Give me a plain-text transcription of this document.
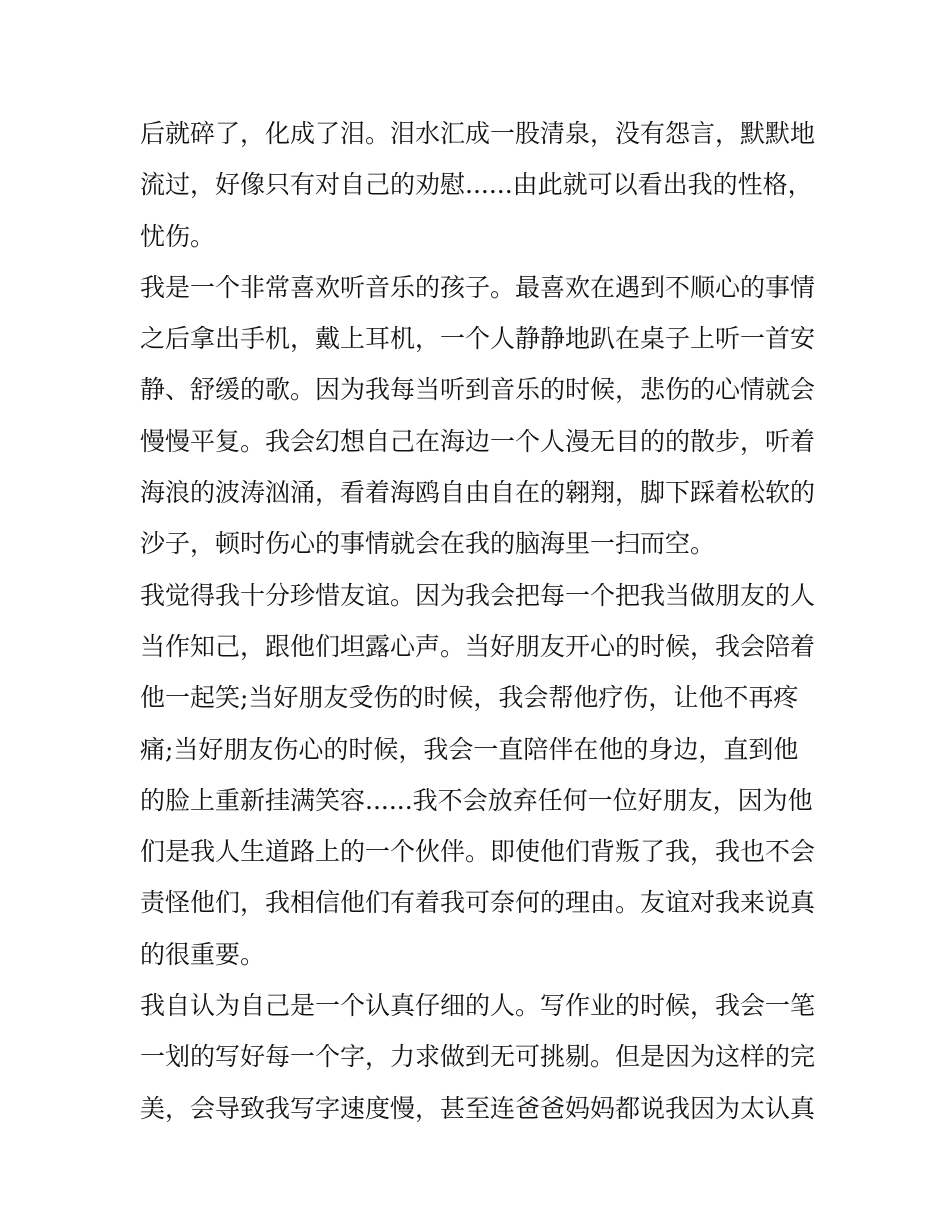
后就碎了，化成了泪。泪水汇成一股清泉，没有怨言，默默地
流过，好像只有对自己的劝慰......由此就可以看出我的性格，
忧伤。
我是一个非常喜欢听音乐的孩子。最喜欢在遇到不顺心的事情
之后拿出手机，戴上耳机，一个人静静地趴在桌子上听一首安
静、舒缓的歌。因为我每当听到音乐的时候，悲伤的心情就会
慢慢平复。我会幻想自己在海边一个人漫无目的的散步，听着
海浪的波涛汹涌，看着海鸥自由自在的翱翔，脚下踩着松软的
沙子，顿时伤心的事情就会在我的脑海里一扫而空。
我觉得我十分珍惜友谊。因为我会把每一个把我当做朋友的人
当作知己，跟他们坦露心声。当好朋友开心的时候，我会陪着
他一起笑;当好朋友受伤的时候，我会帮他疗伤，让他不再疼
痛;当好朋友伤心的时候，我会一直陪伴在他的身边，直到他
的脸上重新挂满笑容......我不会放弃任何一位好朋友，因为他
们是我人生道路上的一个伙伴。即使他们背叛了我，我也不会
责怪他们，我相信他们有着我可奈何的理由。友谊对我来说真
的很重要。
我自认为自己是一个认真仔细的人。写作业的时候，我会一笔
一划的写好每一个字，力求做到无可挑剔。但是因为这样的完
美，会导致我写字速度慢，甚至连爸爸妈妈都说我因为太认真
